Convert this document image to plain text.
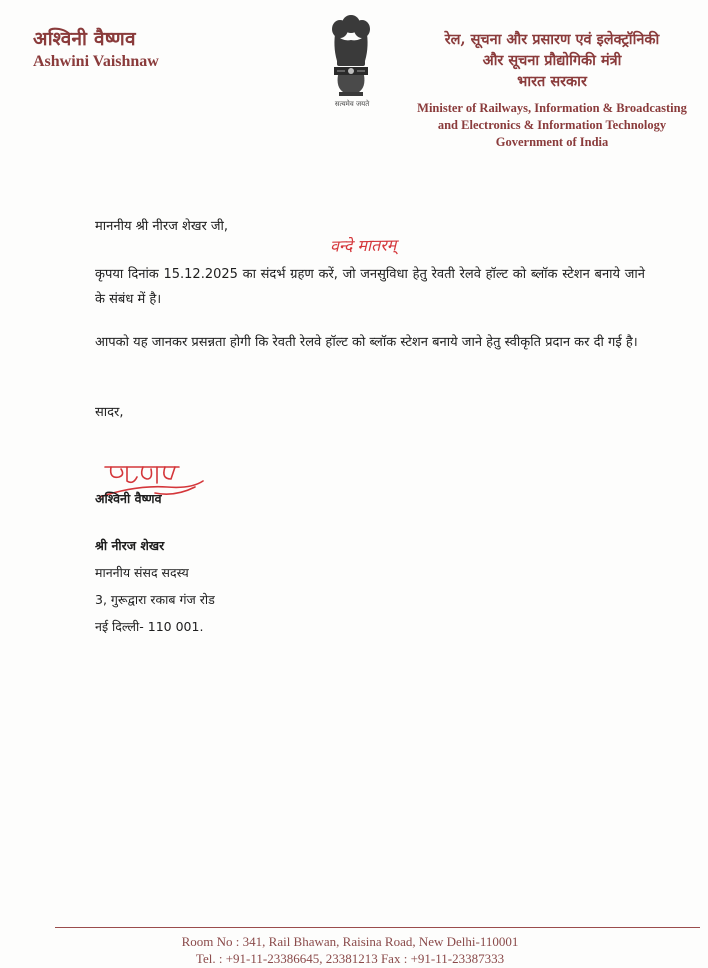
अश्विनी वैष्णव
Ashwini Vaishnaw
सत्यमेव जयते
रेल, सूचना और प्रसारण एवं इलेक्ट्रॉनिकी
और सूचना प्रौद्योगिकी मंत्री
भारत सरकार
Minister of Railways, Information & Broadcasting
and Electronics & Information Technology
Government of India
माननीय श्री नीरज शेखर जी,
वन्दे मातरम्
कृपया दिनांक 15.12.2025 का संदर्भ ग्रहण करें, जो जनसुविधा हेतु रेवती रेलवे हॉल्ट को ब्लॉक स्टेशन बनाये जाने के संबंध में है।
आपको यह जानकर प्रसन्नता होगी कि रेवती रेलवे हॉल्ट को ब्लॉक स्टेशन बनाये जाने हेतु स्वीकृति प्रदान कर दी गई है।
सादर,
अश्विनी वैष्णव
श्री नीरज शेखर
माननीय संसद सदस्य
3, गुरूद्वारा रकाब गंज रोड
नई दिल्ली- 110 001.
Room No : 341, Rail Bhawan, Raisina Road, New Delhi-110001
Tel. : +91-11-23386645, 23381213 Fax : +91-11-23387333
